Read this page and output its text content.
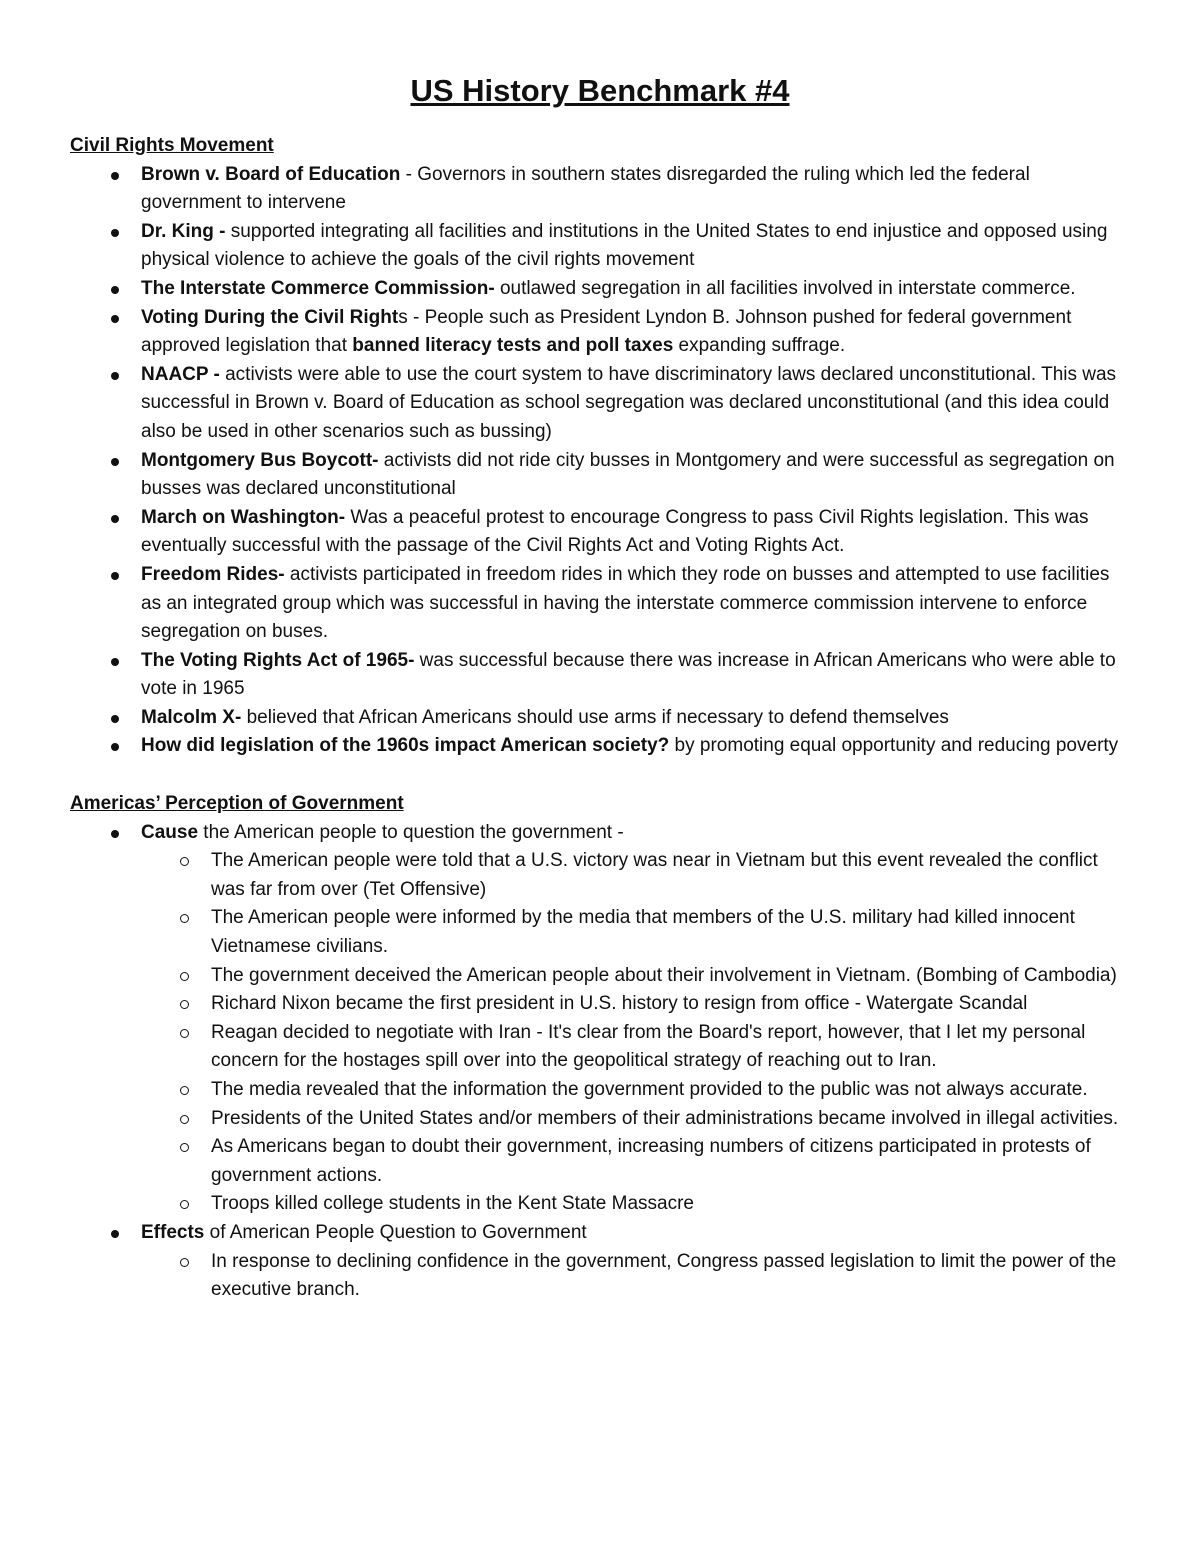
US History Benchmark #4
Civil Rights Movement
Brown v. Board of Education - Governors in southern states disregarded the ruling which led the federal government to intervene
Dr. King - supported integrating all facilities and institutions in the United States to end injustice and opposed using physical violence to achieve the goals of the civil rights movement
The Interstate Commerce Commission- outlawed segregation in all facilities involved in interstate commerce.
Voting During the Civil Rights - People such as President Lyndon B. Johnson pushed for federal government approved legislation that banned literacy tests and poll taxes expanding suffrage.
NAACP - activists were able to use the court system to have discriminatory laws declared unconstitutional. This was successful in Brown v. Board of Education as school segregation was declared unconstitutional (and this idea could also be used in other scenarios such as bussing)
Montgomery Bus Boycott- activists did not ride city busses in Montgomery and were successful as segregation on busses was declared unconstitutional
March on Washington- Was a peaceful protest to encourage Congress to pass Civil Rights legislation. This was eventually successful with the passage of the Civil Rights Act and Voting Rights Act.
Freedom Rides- activists participated in freedom rides in which they rode on busses and attempted to use facilities as an integrated group which was successful in having the interstate commerce commission intervene to enforce segregation on buses.
The Voting Rights Act of 1965- was successful because there was increase in African Americans who were able to vote in 1965
Malcolm X- believed that African Americans should use arms if necessary to defend themselves
How did legislation of the 1960s impact American society? by promoting equal opportunity and reducing poverty
Americas’ Perception of Government
Cause the American people to question the government -
The American people were told that a U.S. victory was near in Vietnam but this event revealed the conflict was far from over (Tet Offensive)
The American people were informed by the media that members of the U.S. military had killed innocent Vietnamese civilians.
The government deceived the American people about their involvement in Vietnam. (Bombing of Cambodia)
Richard Nixon became the first president in U.S. history to resign from office - Watergate Scandal
Reagan decided to negotiate with Iran - It's clear from the Board's report, however, that I let my personal concern for the hostages spill over into the geopolitical strategy of reaching out to Iran.
The media revealed that the information the government provided to the public was not always accurate.
Presidents of the United States and/or members of their administrations became involved in illegal activities.
As Americans began to doubt their government, increasing numbers of citizens participated in protests of government actions.
Troops killed college students in the Kent State Massacre
Effects of American People Question to Government
In response to declining confidence in the government, Congress passed legislation to limit the power of the executive branch.
